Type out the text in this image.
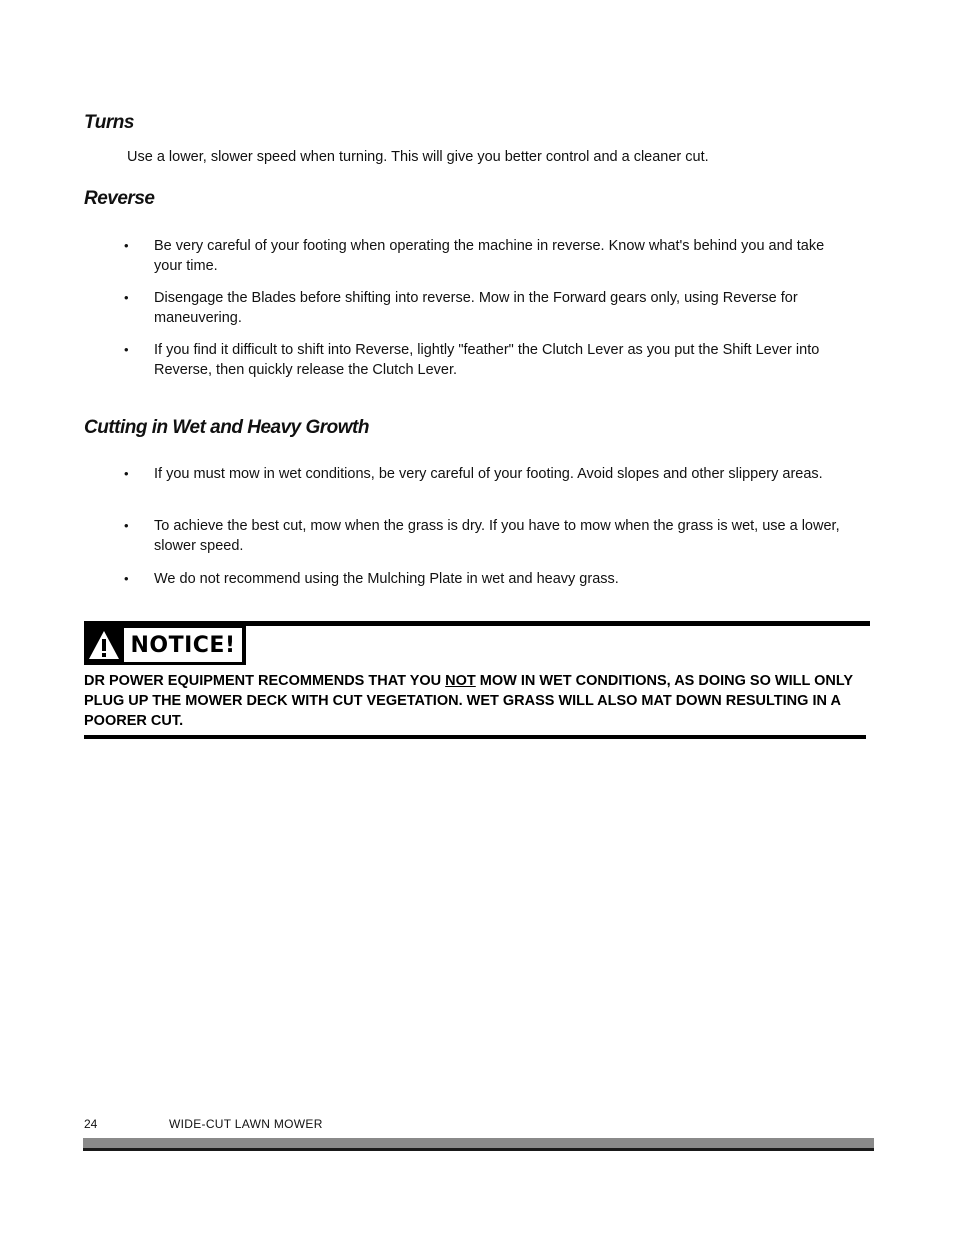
Turns

Use a lower, slower speed when turning. This will give you better control and a cleaner cut.

Reverse
•	Be very careful of your footing when operating the machine in reverse. Know what's behind you and take your time.
•	Disengage the Blades before shifting into reverse. Mow in the Forward gears only, using Reverse for maneuvering.
•	If you find it difficult to shift into Reverse, lightly "feather" the Clutch Lever as you put the Shift Lever into Reverse, then quickly release the Clutch Lever.
Cutting in Wet and Heavy Growth
•	If you must mow in wet conditions, be very careful of your footing. Avoid slopes and other slippery areas.
•	To achieve the best cut, mow when the grass is dry. If you have to mow when the grass is wet, use a lower, slower speed.
•	We do not recommend using the Mulching Plate in wet and heavy grass.
NOTICE!
DR POWER EQUIPMENT RECOMMENDS THAT YOU NOT MOW IN WET CONDITIONS, AS DOING SO WILL ONLY PLUG UP THE MOWER DECK WITH CUT VEGETATION. WET GRASS WILL ALSO MAT DOWN RESULTING IN A POORER CUT.
24	WIDE-CUT LAWN MOWER
